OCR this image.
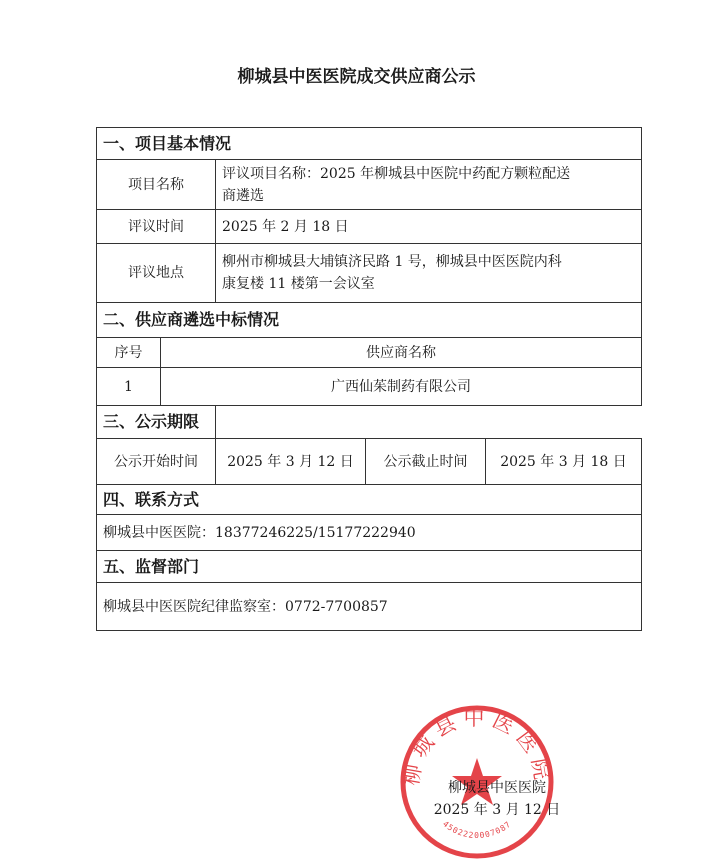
柳城县中医医院成交供应商公示
一、项目基本情况				
项目名称		评议项目名称：2025 年柳城县中医院中药配方颗粒配送
商遴选		

评议时间		2025 年 2 月 18 日		
评议地点		柳州市柳城县大埔镇济民路 1 号，柳城县中医医院内科
康复楼 11 楼第一会议室		

二、供应商遴选中标情况				
序号	供应商名称			
1	广西仙茱制药有限公司			
三、公示期限				
公示开始时间		2025 年 3 月 12 日	公示截止时间	2025 年 3 月 18 日
四、联系方式				
柳城县中医医院：18377246225/15177222940				
五、监督部门				
柳城县中医医院纪律监察室：0772-7700857				
柳城县中医医院
4502220007087
柳城县中医医院
2025 年 3 月 12 日
